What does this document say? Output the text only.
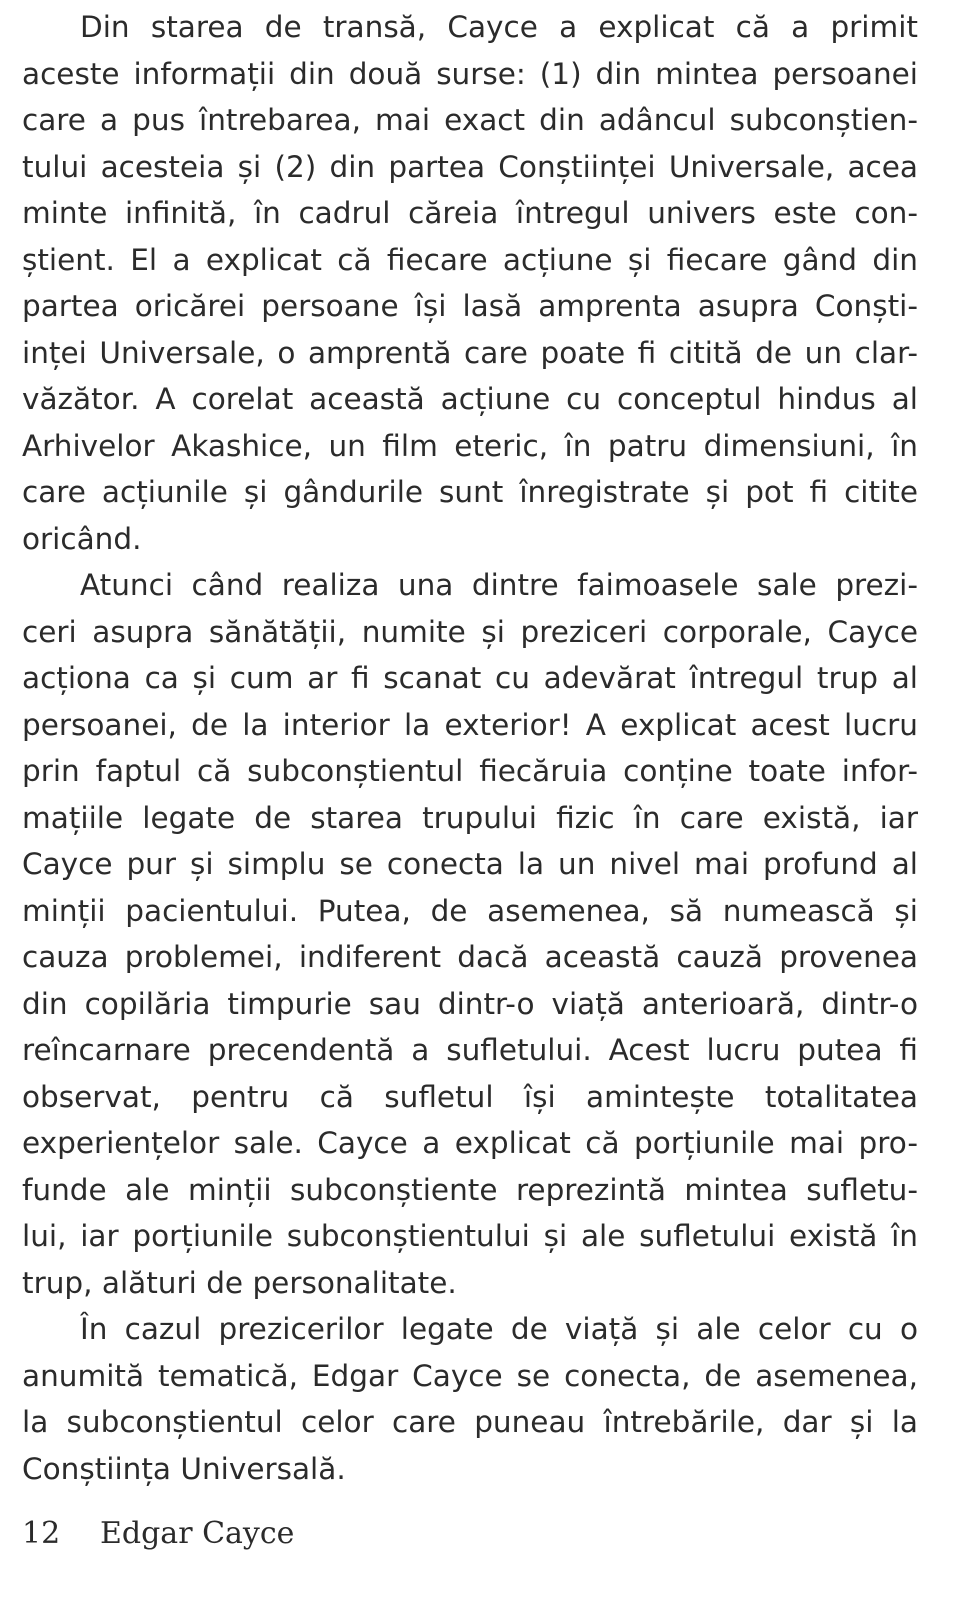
Din starea de transă, Cayce a explicat că a primit
aceste informații din două surse: (1) din mintea persoanei
care a pus întrebarea, mai exact din adâncul subconștien-
tului acesteia și (2) din partea Conștiinței Universale, acea
minte infinită, în cadrul căreia întregul univers este con-
știent. El a explicat că fiecare acțiune și fiecare gând din
partea oricărei persoane își lasă amprenta asupra Conști-
inței Universale, o amprentă care poate fi citită de un clar-
văzător. A corelat această acțiune cu conceptul hindus al
Arhivelor Akashice, un film eteric, în patru dimensiuni, în
care acțiunile și gândurile sunt înregistrate și pot fi citite
oricând.

Atunci când realiza una dintre faimoasele sale prezi-
ceri asupra sănătății, numite și preziceri corporale, Cayce
acționa ca și cum ar fi scanat cu adevărat întregul trup al
persoanei, de la interior la exterior! A explicat acest lucru
prin faptul că subconștientul fiecăruia conține toate infor-
mațiile legate de starea trupului fizic în care există, iar
Cayce pur și simplu se conecta la un nivel mai profund al
minții pacientului. Putea, de asemenea, să numească și
cauza problemei, indiferent dacă această cauză provenea
din copilăria timpurie sau dintr-o viață anterioară, dintr-o
reîncarnare precendentă a sufletului. Acest lucru putea fi
observat, pentru că sufletul își amintește totalitatea
experiențelor sale. Cayce a explicat că porțiunile mai pro-
funde ale minții subconștiente reprezintă mintea sufletu-
lui, iar porțiunile subconștientului și ale sufletului există în
trup, alături de personalitate.

În cazul prezicerilor legate de viață și ale celor cu o
anumită tematică, Edgar Cayce se conecta, de asemenea,
la subconștientul celor care puneau întrebările, dar și la
Conștiința Universală.

12 Edgar Cayce
